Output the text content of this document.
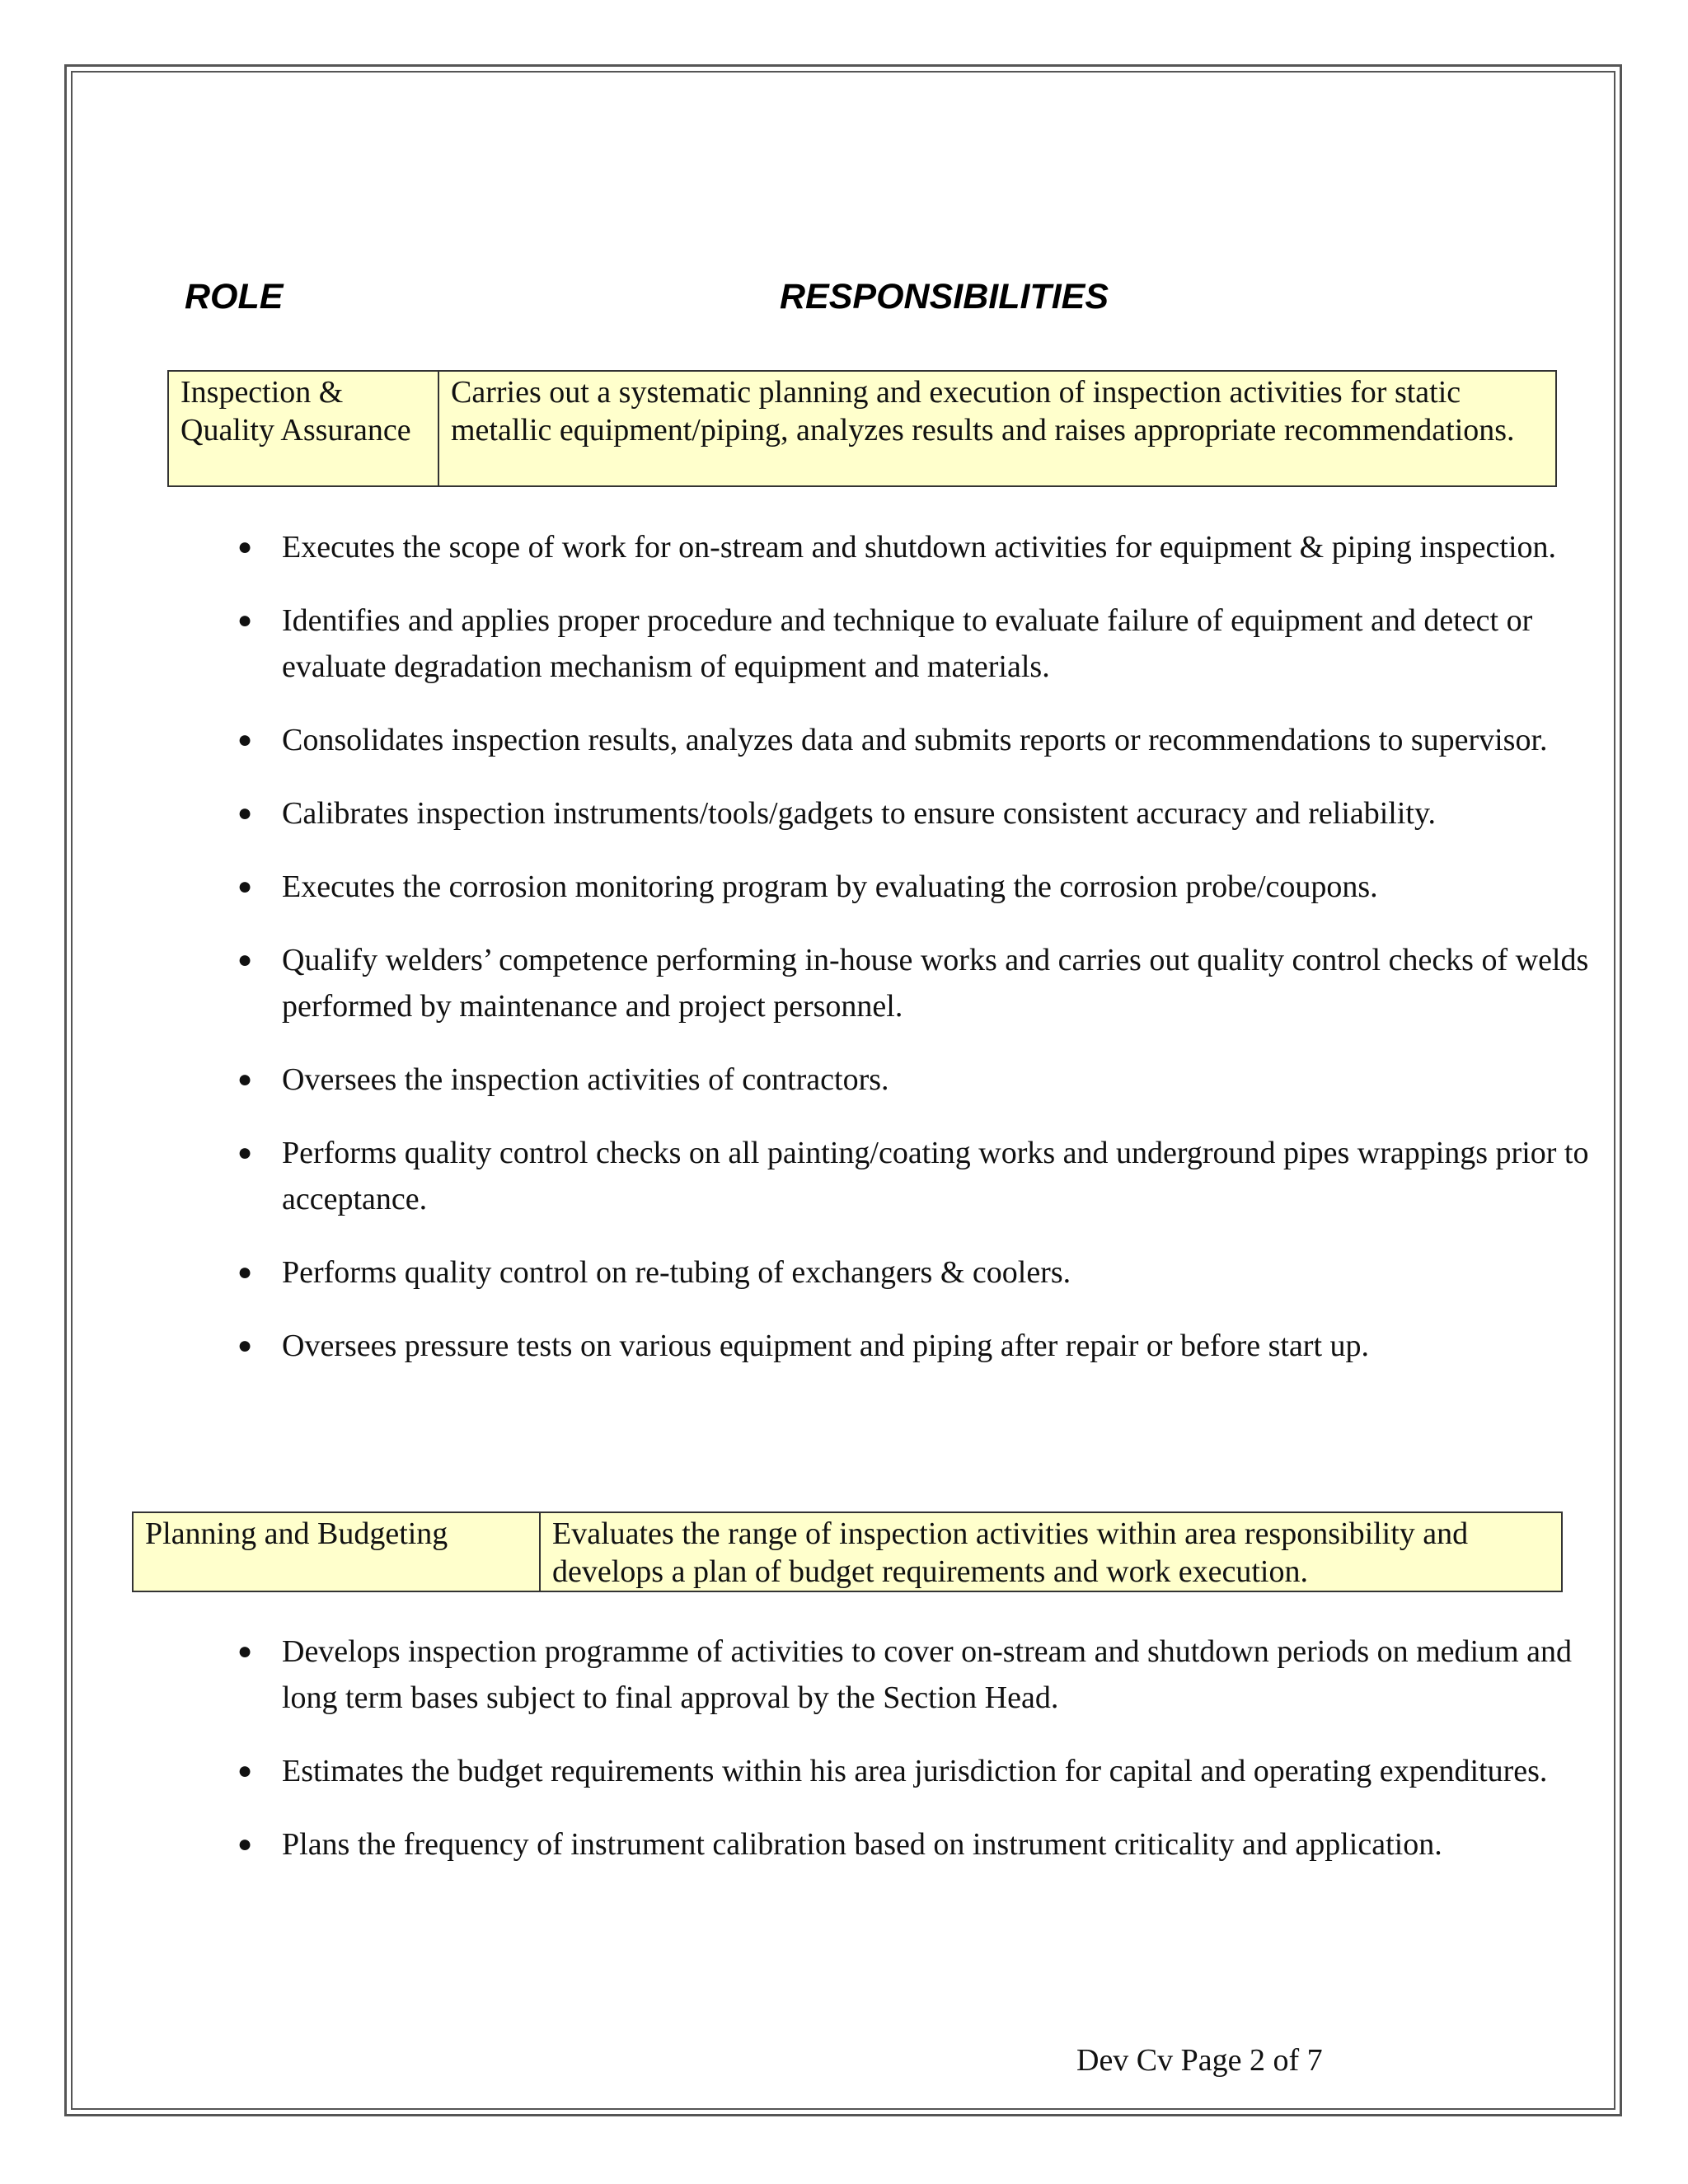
ROLE	RESPONSIBILITIES
Inspection &
Quality Assurance
	Carries out a systematic planning and execution of inspection activities for static metallic equipment/piping, analyzes results and raises appropriate recommendations.
● Executes the scope of work for on-stream and shutdown activities for equipment & piping inspection.
● Identifies and applies proper procedure and technique to evaluate failure of equipment and detect or evaluate degradation mechanism of equipment and materials.
● Consolidates inspection results, analyzes data and submits reports or recommendations to supervisor.
● Calibrates inspection instruments/tools/gadgets to ensure consistent accuracy and reliability.
● Executes the corrosion monitoring program by evaluating the corrosion probe/coupons.
● Qualify welders’ competence performing in-house works and carries out quality control checks of welds performed by maintenance and project personnel.
● Oversees the inspection activities of contractors.
● Performs quality control checks on all painting/coating works and underground pipes wrappings prior to acceptance.
● Performs quality control on re-tubing of exchangers & coolers.
● Oversees pressure tests on various equipment and piping after repair or before start up.
Planning and Budgeting	Evaluates the range of inspection activities within area responsibility and develops a plan of budget requirements and work execution.
● Develops inspection programme of activities to cover on-stream and shutdown periods on medium and long term bases subject to final approval by the Section Head.
● Estimates the budget requirements within his area jurisdiction for capital and operating expenditures.
● Plans the frequency of instrument calibration based on instrument criticality and application.

Dev Cv Page 2 of 7
